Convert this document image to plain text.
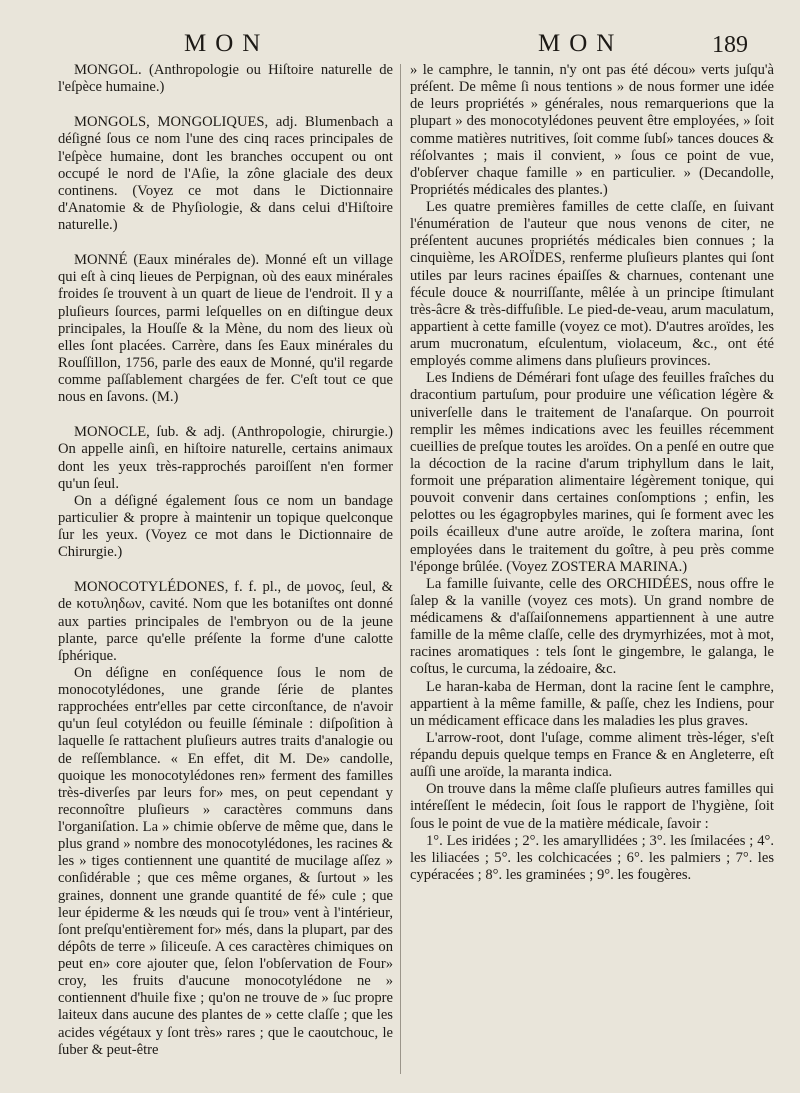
MON	MON	189

MONGOL. (Anthropologie ou Hiſtoire naturelle de l'eſpèce humaine.)

MONGOLS, MONGOLIQUES, adj. Blumenbach a déſigné ſous ce nom l'une des cinq races principales de l'eſpèce humaine, dont les branches occupent ou ont occupé le nord de l'Aſie, la zône glaciale des deux continens. (Voyez ce mot dans le Dictionnaire d'Anatomie & de Phyſiologie, & dans celui d'Hiſtoire naturelle.)

MONNÉ (Eaux minérales de). Monné eſt un village qui eſt à cinq lieues de Perpignan, où des eaux minérales froides ſe trouvent à un quart de lieue de l'endroit. Il y a pluſieurs ſources, parmi leſquelles on en diſtingue deux principales, la Houſſe & la Mène, du nom des lieux où elles ſont placées. Carrère, dans ſes Eaux minérales du Rouſſillon, 1756, parle des eaux de Monné, qu'il regarde comme paſſablement chargées de fer. C'eſt tout ce que nous en ſavons. (M.)

MONOCLE, ſub. & adj. (Anthropologie, chirurgie.) On appelle ainſi, en hiſtoire naturelle, certains animaux dont les yeux très-rapprochés paroiſſent n'en former qu'un ſeul.

On a déſigné également ſous ce nom un bandage particulier & propre à maintenir un topique quelconque ſur les yeux. (Voyez ce mot dans le Dictionnaire de Chirurgie.)

MONOCOTYLÉDONES, f. f. pl., de μονος, ſeul, & de κοτυληδων, cavité. Nom que les botaniſtes ont donné aux parties principales de l'embryon ou de la jeune plante, parce qu'elle préſente la forme d'une calotte ſphérique.

On déſigne en conſéquence ſous le nom de monocotylédones, une grande ſérie de plantes rapprochées entr'elles par cette circonſtance, de n'avoir qu'un ſeul cotylédon ou feuille ſéminale : diſpoſition à laquelle ſe rattachent pluſieurs autres traits d'analogie ou de reſſemblance. « En effet, dit M. De» candolle, quoique les monocotylédones ren» ferment des familles très-diverſes par leurs for» mes, on peut cependant y reconnoître pluſieurs » caractères communs dans l'organiſation. La » chimie obſerve de même que, dans le plus grand » nombre des monocotylédones, les racines & les » tiges contiennent une quantité de mucilage aſſez » conſidérable ; que ces même organes, & ſurtout » les graines, donnent une grande quantité de fé» cule ; que leur épiderme & les nœuds qui ſe trou» vent à l'intérieur, ſont preſqu'entièrement for» més, dans la plupart, par des dépôts de terre » ſiliceuſe. A ces caractères chimiques on peut en» core ajouter que, ſelon l'obſervation de Four» croy, les fruits d'aucune monocotylédone ne » contiennent d'huile fixe ; qu'on ne trouve de » ſuc propre laiteux dans aucune des plantes de » cette claſſe ; que les acides végétaux y ſont très» rares ; que le caoutchouc, le ſuber & peut-être

» le camphre, le tannin, n'y ont pas été décou» verts juſqu'à préſent. De même ſi nous tentions » de nous former une idée de leurs propriétés » générales, nous remarquerions que la plupart » des monocotylédones peuvent être employées, » ſoit comme matières nutritives, ſoit comme ſubſ» tances douces & réſolvantes ; mais il convient, » ſous ce point de vue, d'obſerver chaque famille » en particulier. » (Decandolle, Propriétés médicales des plantes.)

Les quatre premières familles de cette claſſe, en ſuivant l'énumération de l'auteur que nous venons de citer, ne préſentent aucunes propriétés médicales bien connues ; la cinquième, les AROÏDES, renferme pluſieurs plantes qui ſont utiles par leurs racines épaiſſes & charnues, contenant une fécule douce & nourriſſante, mêlée à un principe ſtimulant très-âcre & très-diffuſible. Le pied-de-veau, arum maculatum, appartient à cette famille (voyez ce mot). D'autres aroïdes, les arum mucronatum, eſculentum, violaceum, &c., ont été employés comme alimens dans pluſieurs provinces.

Les Indiens de Démérari font uſage des feuilles fraîches du dracontium partuſum, pour produire une véſication légère & univerſelle dans le traitement de l'anaſarque. On pourroit remplir les mêmes indications avec les feuilles récemment cueillies de preſque toutes les aroïdes. On a penſé en outre que la décoction de la racine d'arum triphyllum dans le lait, formoit une préparation alimentaire légèrement tonique, qui pouvoit convenir dans certaines conſomptions ; enfin, les pelottes ou les égagropbyles marines, qui ſe forment avec les poils écailleux d'une autre aroïde, le zoſtera marina, ſont employées dans le traitement du goître, à peu près comme l'éponge brûlée. (Voyez ZOSTERA MARINA.)

La famille ſuivante, celle des ORCHIDÉES, nous offre le ſalep & la vanille (voyez ces mots). Un grand nombre de médicamens & d'aſſaiſonnemens appartiennent à une autre famille de la même claſſe, celle des drymyrhizées, mot à mot, racines aromatiques : tels ſont le gingembre, le galanga, le coſtus, le curcuma, la zédoaire, &c.

Le haran-kaba de Herman, dont la racine ſent le camphre, appartient à la même famille, & paſſe, chez les Indiens, pour un médicament efficace dans les maladies les plus graves.

L'arrow-root, dont l'uſage, comme aliment très-léger, s'eſt répandu depuis quelque temps en France & en Angleterre, eſt auſſi une aroïde, la maranta indica.

On trouve dans la même claſſe pluſieurs autres familles qui intéreſſent le médecin, ſoit ſous le rapport de l'hygiène, ſoit ſous le point de vue de la matière médicale, ſavoir :

1°. Les iridées ; 2°. les amaryllidées ; 3°. les ſmilacées ; 4°. les liliacées ; 5°. les colchicacées ; 6°. les palmiers ; 7°. les cypéracées ; 8°. les graminées ; 9°. les fougères.
